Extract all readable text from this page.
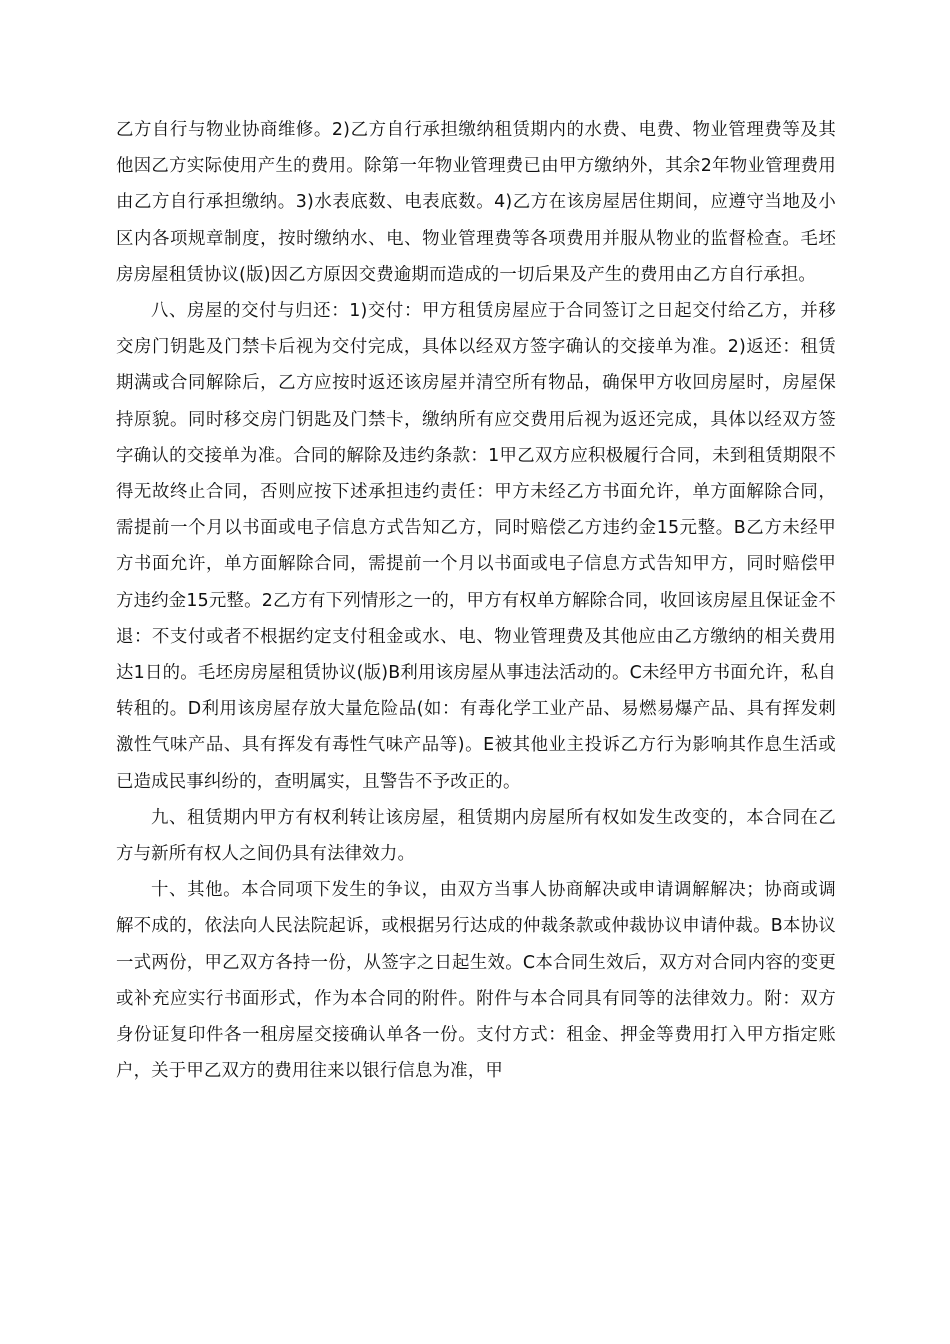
乙方自行与物业协商维修。2)乙方自行承担缴纳租赁期内的水费、电费、物业管理费等及其他因乙方实际使用产生的费用。除第一年物业管理费已由甲方缴纳外，其余2年物业管理费用由乙方自行承担缴纳。3)水表底数、电表底数。4)乙方在该房屋居住期间，应遵守当地及小区内各项规章制度，按时缴纳水、电、物业管理费等各项费用并服从物业的监督检查。毛坯房房屋租赁协议(版)因乙方原因交费逾期而造成的一切后果及产生的费用由乙方自行承担。

八、房屋的交付与归还：1)交付：甲方租赁房屋应于合同签订之日起交付给乙方，并移交房门钥匙及门禁卡后视为交付完成，具体以经双方签字确认的交接单为准。2)返还：租赁期满或合同解除后，乙方应按时返还该房屋并清空所有物品，确保甲方收回房屋时，房屋保持原貌。同时移交房门钥匙及门禁卡，缴纳所有应交费用后视为返还完成，具体以经双方签字确认的交接单为准。合同的解除及违约条款：1甲乙双方应积极履行合同，未到租赁期限不得无故终止合同，否则应按下述承担违约责任：甲方未经乙方书面允许，单方面解除合同，需提前一个月以书面或电子信息方式告知乙方，同时赔偿乙方违约金15元整。B乙方未经甲方书面允许，单方面解除合同，需提前一个月以书面或电子信息方式告知甲方，同时赔偿甲方违约金15元整。2乙方有下列情形之一的，甲方有权单方解除合同，收回该房屋且保证金不退：不支付或者不根据约定支付租金或水、电、物业管理费及其他应由乙方缴纳的相关费用达1日的。毛坯房房屋租赁协议(版)B利用该房屋从事违法活动的。C未经甲方书面允许，私自转租的。D利用该房屋存放大量危险品(如：有毒化学工业产品、易燃易爆产品、具有挥发刺激性气味产品、具有挥发有毒性气味产品等)。E被其他业主投诉乙方行为影响其作息生活或已造成民事纠纷的，查明属实，且警告不予改正的。

九、租赁期内甲方有权利转让该房屋，租赁期内房屋所有权如发生改变的，本合同在乙方与新所有权人之间仍具有法律效力。

十、其他。本合同项下发生的争议，由双方当事人协商解决或申请调解解决；协商或调解不成的，依法向人民法院起诉，或根据另行达成的仲裁条款或仲裁协议申请仲裁。B本协议一式两份，甲乙双方各持一份，从签字之日起生效。C本合同生效后，双方对合同内容的变更或补充应实行书面形式，作为本合同的附件。附件与本合同具有同等的法律效力。附：双方身份证复印件各一租房屋交接确认单各一份。支付方式：租金、押金等费用打入甲方指定账户，关于甲乙双方的费用往来以银行信息为准，甲
